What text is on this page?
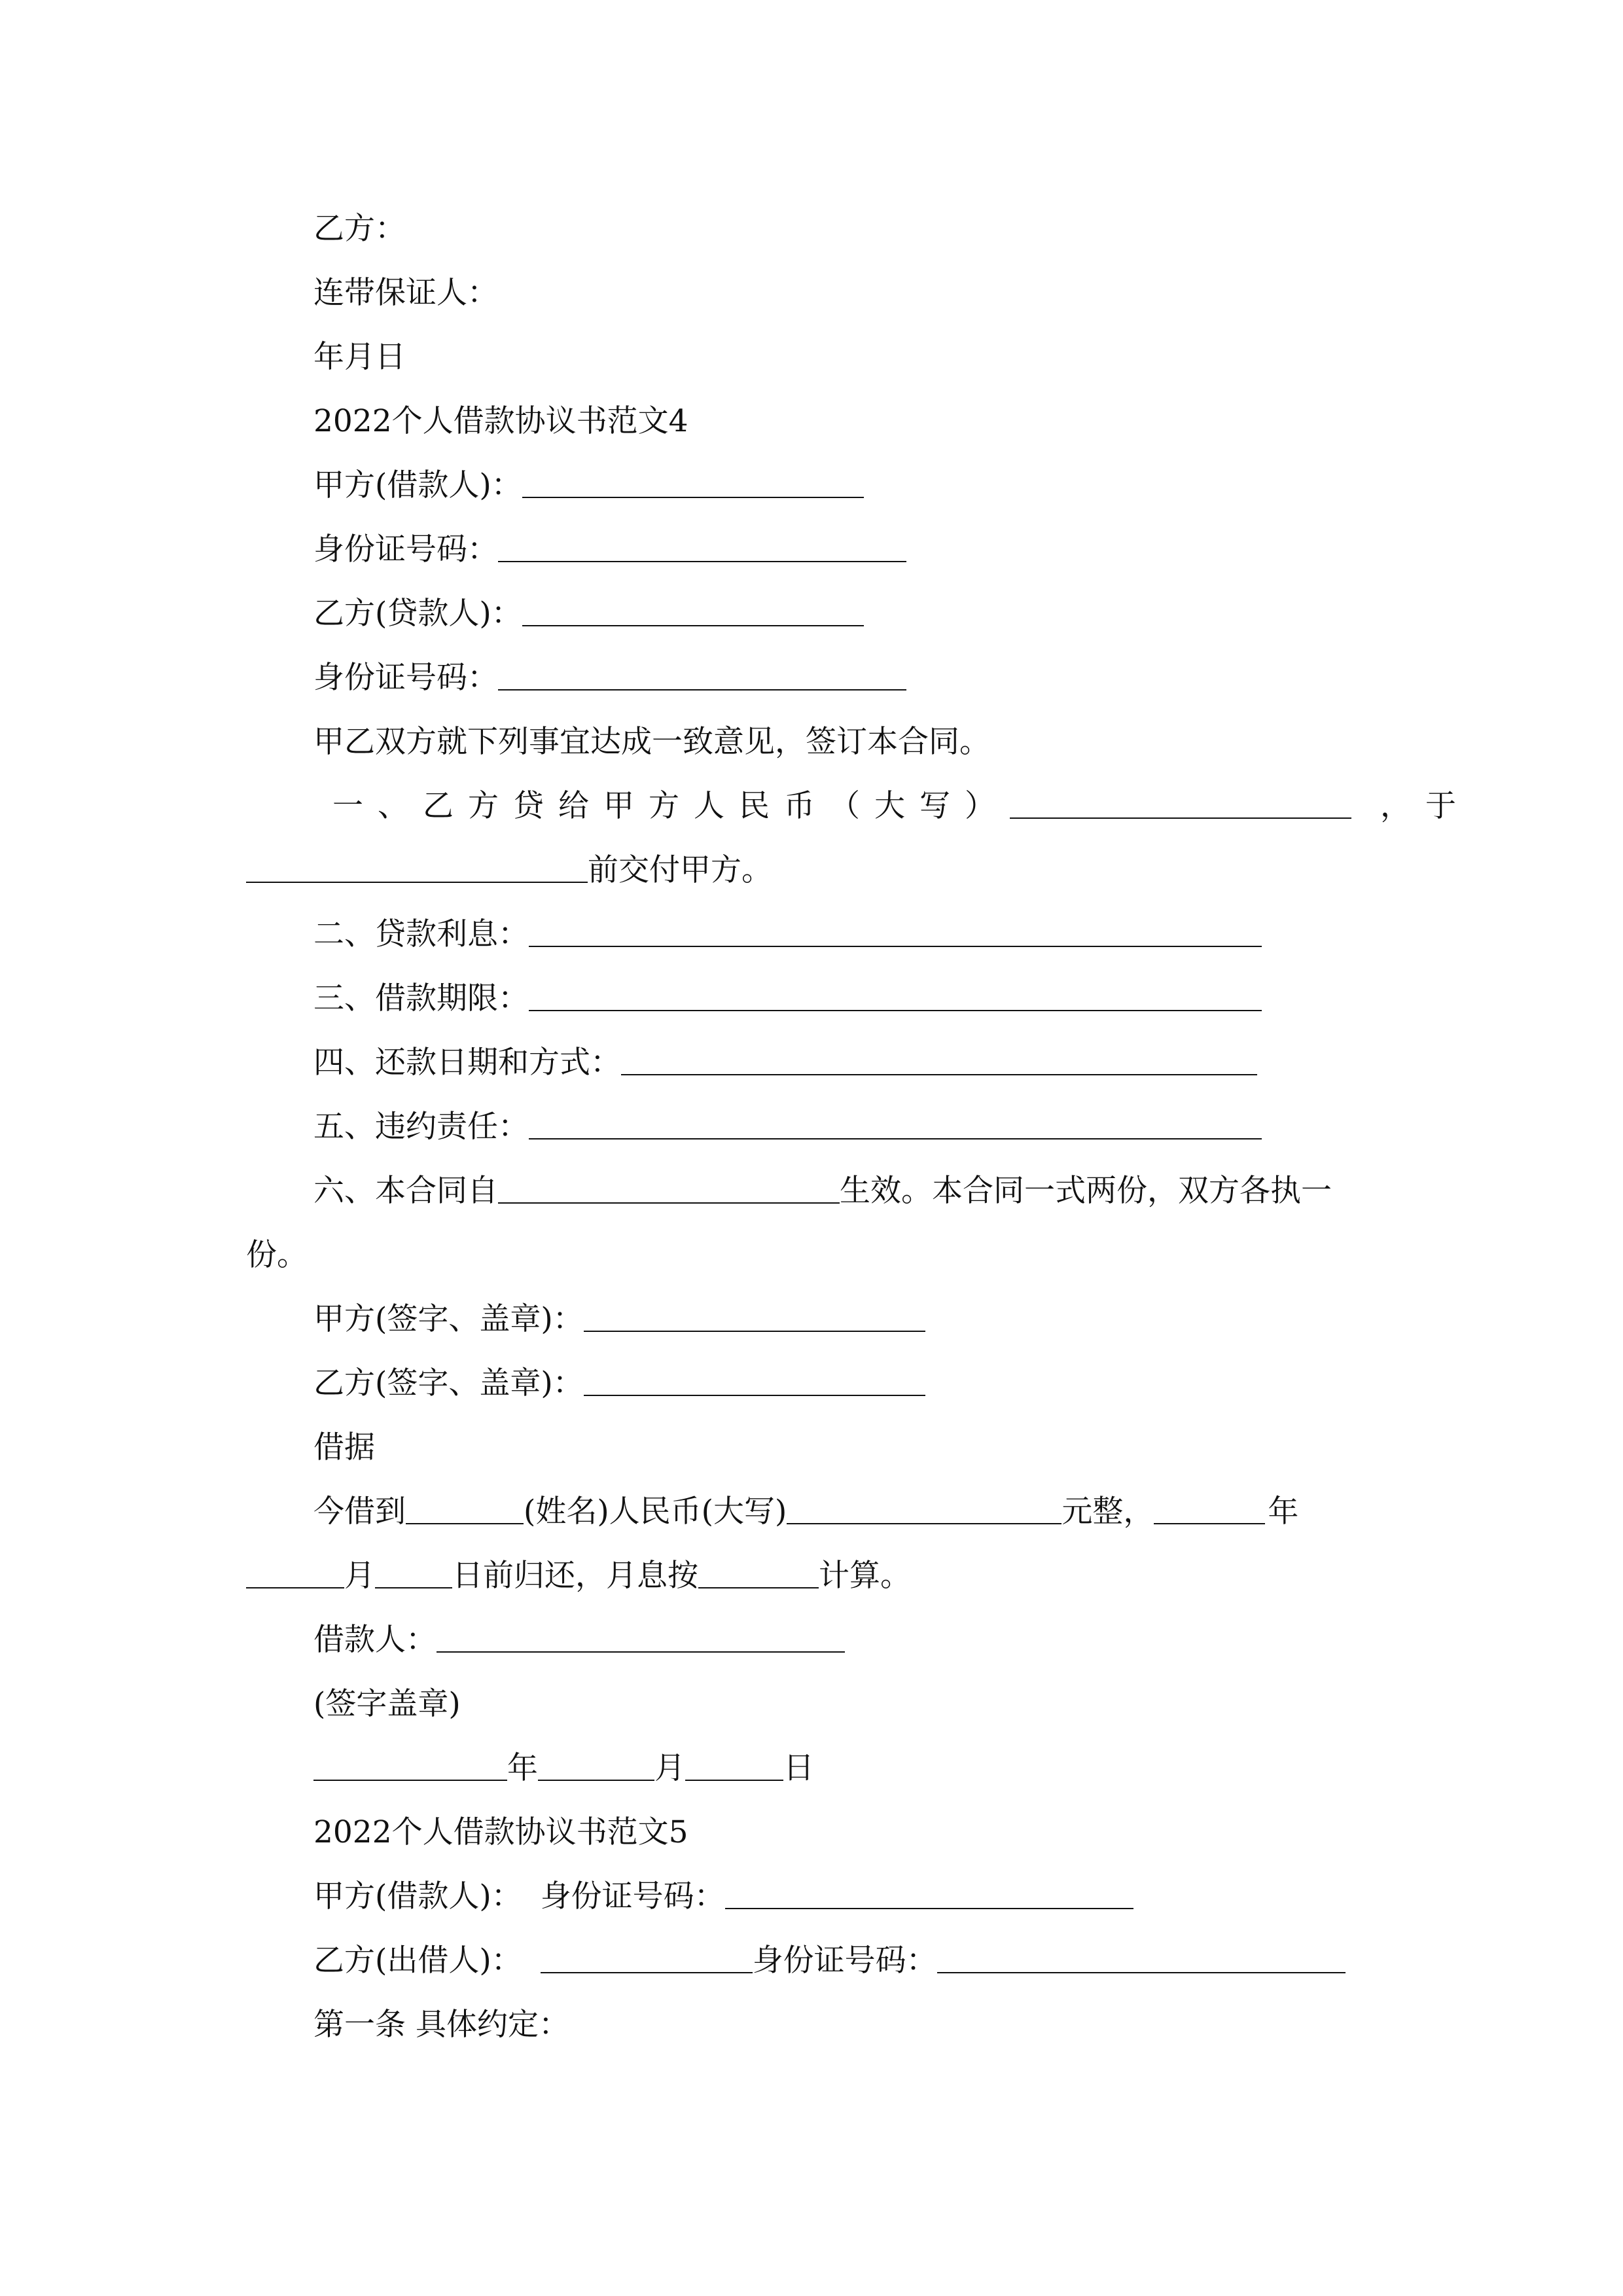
乙方：
连带保证人：
年月日
2022个人借款协议书范文4
甲方(借款人)：
身份证号码：
乙方(贷款人)：
身份证号码：
甲乙双方就下列事宜达成一致意见，签订本合同。
一、乙方贷给甲方人民币（大写）	，于
前交付甲方。
二、贷款利息：
三、借款期限：
四、还款日期和方式：
五、违约责任：
六、本合同自	生效。本合同一式两份，双方各执一
份。
甲方(签字、盖章)：
乙方(签字、盖章)：
借据
今借到	(姓名)人民币(大写)	元整，	年
月	日前归还，月息按	计算。
借款人：
(签字盖章)
年	月	日
2022个人借款协议书范文5
甲方(借款人)： 身份证号码：
乙方(出借人)：	身份证号码：
第一条 具体约定：
